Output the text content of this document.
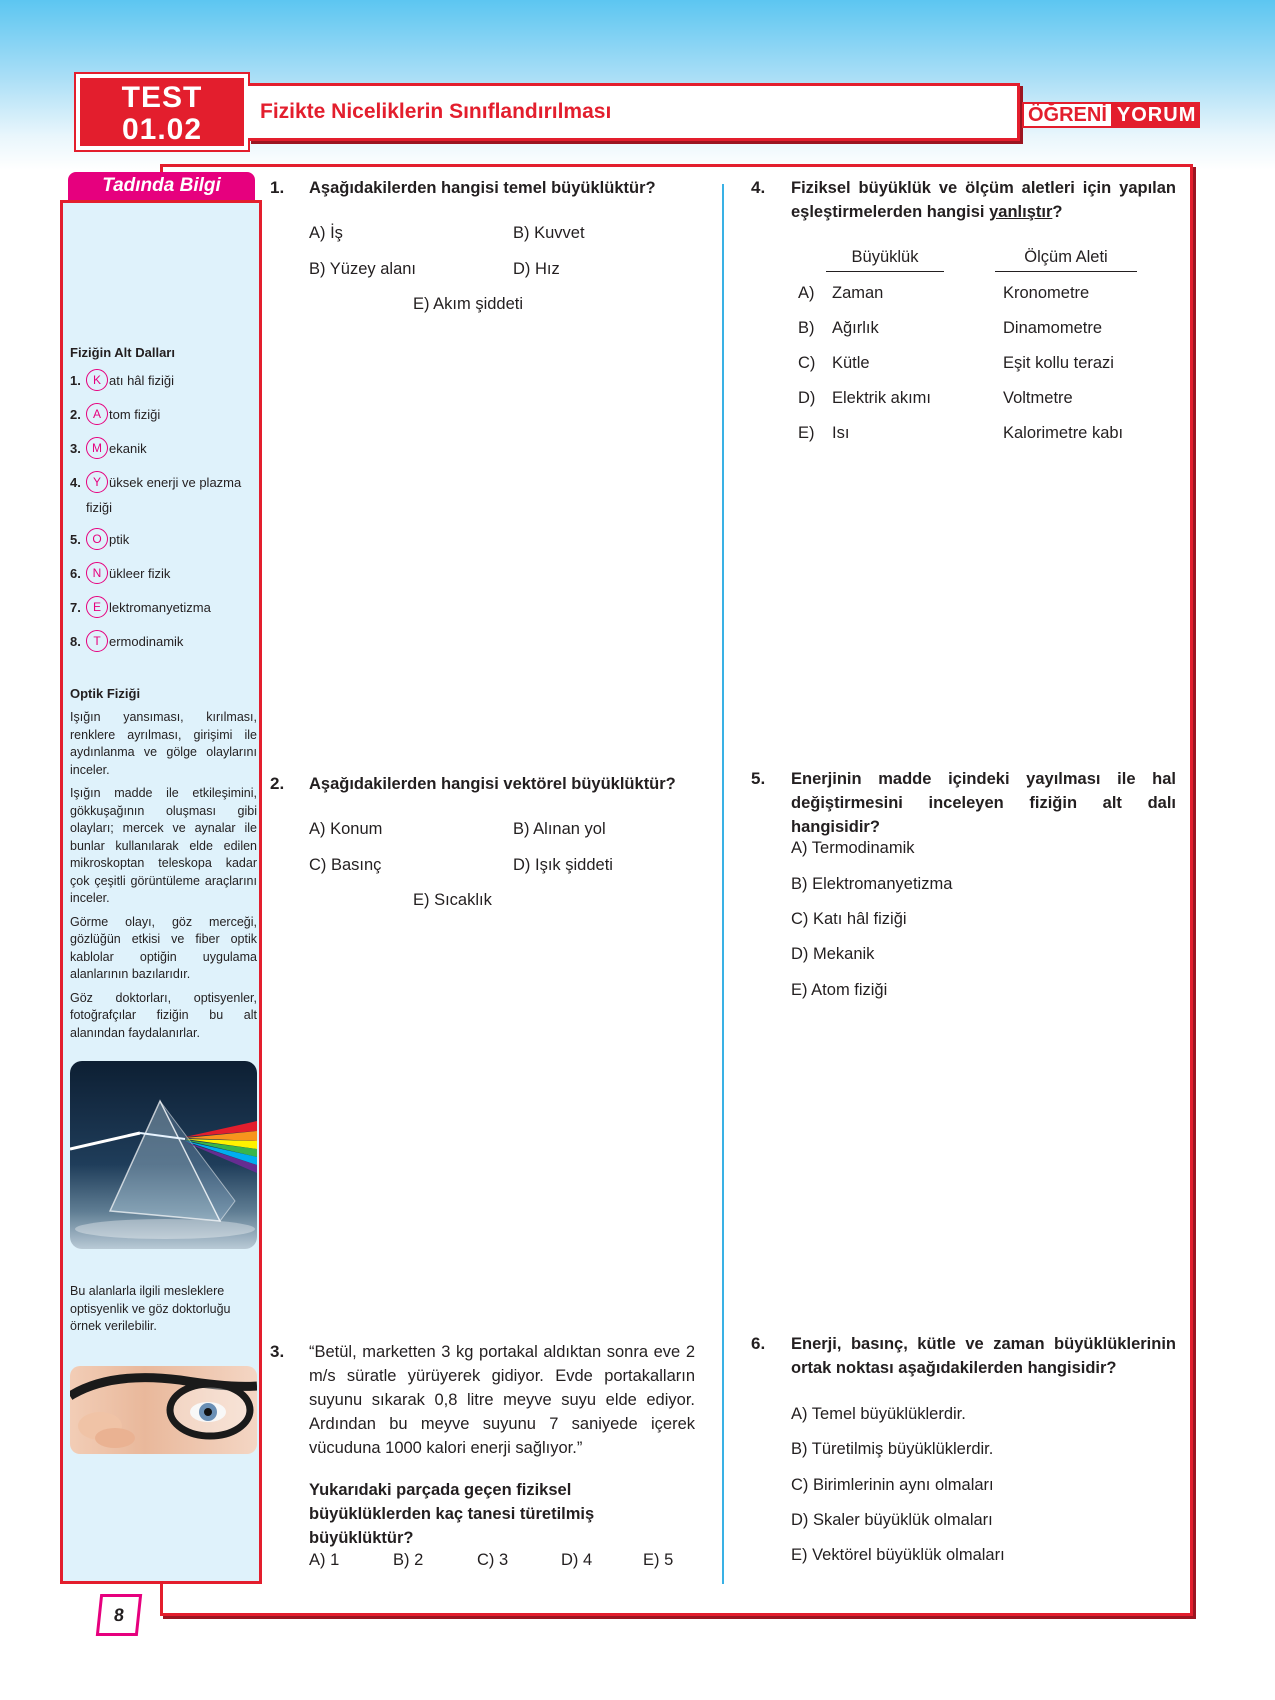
TEST
01.02
Fizikte Niceliklerin Sınıflandırılması	ÖĞRENİ YORUM
Tadında Bilgi
Fiziğin Alt Dalları
1.	K atı hâl fiziği
2.	A tom fiziği
3. M ekanik
4.	Y üksek enerji ve plazma
fiziği
5. O ptik
6. N ükleer fizik
7.	E lektromanyetizma
8.	T ermodinamik
Optik Fiziği

Işığın yansıması, kırılması, renklere ayrılması, girişimi ile aydınlanma ve gölge olaylarını inceler.

Işığın madde ile etkileşimini, gökkuşağının oluşması gibi olayları; mercek ve aynalar ile bunlar kullanılarak elde edilen mikroskoptan teleskopa kadar çok çeşitli görüntüleme araçlarını inceler.

Görme olayı, göz merceği, gözlüğün etkisi ve fiber optik kablolar optiğin uygulama alanlarının bazılarıdır.

Göz doktorları, optisyenler, fotoğrafçılar fiziğin bu alt alanından faydalanırlar.

Bu alanlarla ilgili mesleklere optisyenlik ve göz doktorluğu örnek verilebilir.
8
1. Aşağıdakilerden hangisi temel büyüklüktür?
A) İş	B) Kuvvet
B) Yüzey alanı	D) Hız
E) Akım şiddeti
2. Aşağıdakilerden hangisi vektörel büyüklüktür?
A) Konum	B) Alınan yol
C) Basınç	D) Işık şiddeti
E) Sıcaklık
3. “Betül, marketten 3 kg portakal aldıktan sonra eve 2 m/s süratle yürüyerek gidiyor. Evde portakalların suyunu sıkarak 0,8 litre meyve suyu elde ediyor. Ardından bu meyve suyunu 7 saniyede içerek vücuduna 1000 kalori enerji sağlıyor.”
Yukarıdaki parçada geçen fiziksel büyüklüklerden kaç tanesi türetilmiş büyüklüktür?
A) 1	B) 2	C) 3	D) 4	E) 5
4. Fiziksel büyüklük ve ölçüm aletleri için yapılan eşleştirmelerden hangisi yanlıştır?
Büyüklük	Ölçüm Aleti
A) Zaman	Kronometre
B) Ağırlık	Dinamometre
C) Kütle	Eşit kollu terazi
D) Elektrik akımı	Voltmetre
E) Isı	Kalorimetre kabı
5. Enerjinin madde içindeki yayılması ile hal değiştirmesini inceleyen fiziğin alt dalı hangisidir?
A) Termodinamik
B) Elektromanyetizma
C) Katı hâl fiziği
D) Mekanik
E) Atom fiziği
6. Enerji, basınç, kütle ve zaman büyüklüklerinin ortak noktası aşağıdakilerden hangisidir?
A) Temel büyüklüklerdir.
B) Türetilmiş büyüklüklerdir.
C) Birimlerinin aynı olmaları
D) Skaler büyüklük olmaları
E) Vektörel büyüklük olmaları
